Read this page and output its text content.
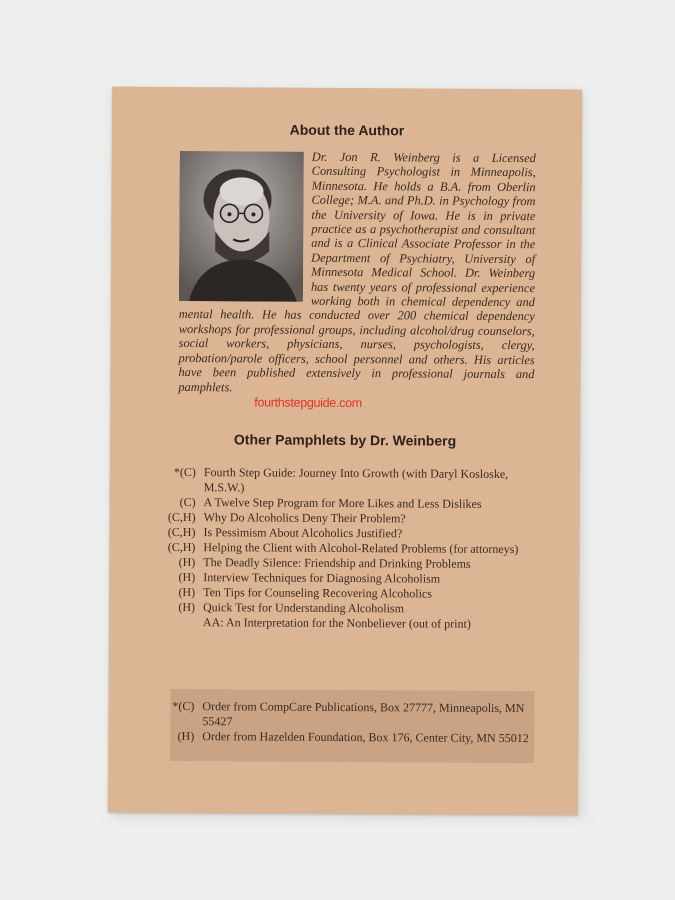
About the Author
Dr. Jon R. Weinberg is a Licensed Consulting Psychologist in Minneapolis, Minnesota. He holds a B.A. from Oberlin College; M.A. and Ph.D. in Psychology from the University of Iowa. He is in private practice as a psychotherapist and consultant and is a Clinical Associate Professor in the Department of Psychiatry, University of Minnesota Medical School. Dr. Weinberg has twenty years of professional experience working both in chemical dependency and mental health. He has conducted over 200 chemical dependency workshops for professional groups, including alcohol/drug counselors, social workers, physicians, nurses, psychologists, clergy, probation/parole officers, school personnel and others. His articles have been published extensively in professional journals and pamphlets.
fourthstepguide.com
Other Pamphlets by Dr. Weinberg
*(C) Fourth Step Guide: Journey Into Growth (with Daryl Kosloske, M.S.W.)
(C) A Twelve Step Program for More Likes and Less Dislikes
(C,H) Why Do Alcoholics Deny Their Problem?
(C,H) Is Pessimism About Alcoholics Justified?
(C,H) Helping the Client with Alcohol-Related Problems (for attorneys)
(H) The Deadly Silence: Friendship and Drinking Problems
(H) Interview Techniques for Diagnosing Alcoholism
(H) Ten Tips for Counseling Recovering Alcoholics
(H) Quick Test for Understanding Alcoholism
AA: An Interpretation for the Nonbeliever (out of print)
*(C) Order from CompCare Publications, Box 27777, Minneapolis, MN 55427
(H) Order from Hazelden Foundation, Box 176, Center City, MN 55012
